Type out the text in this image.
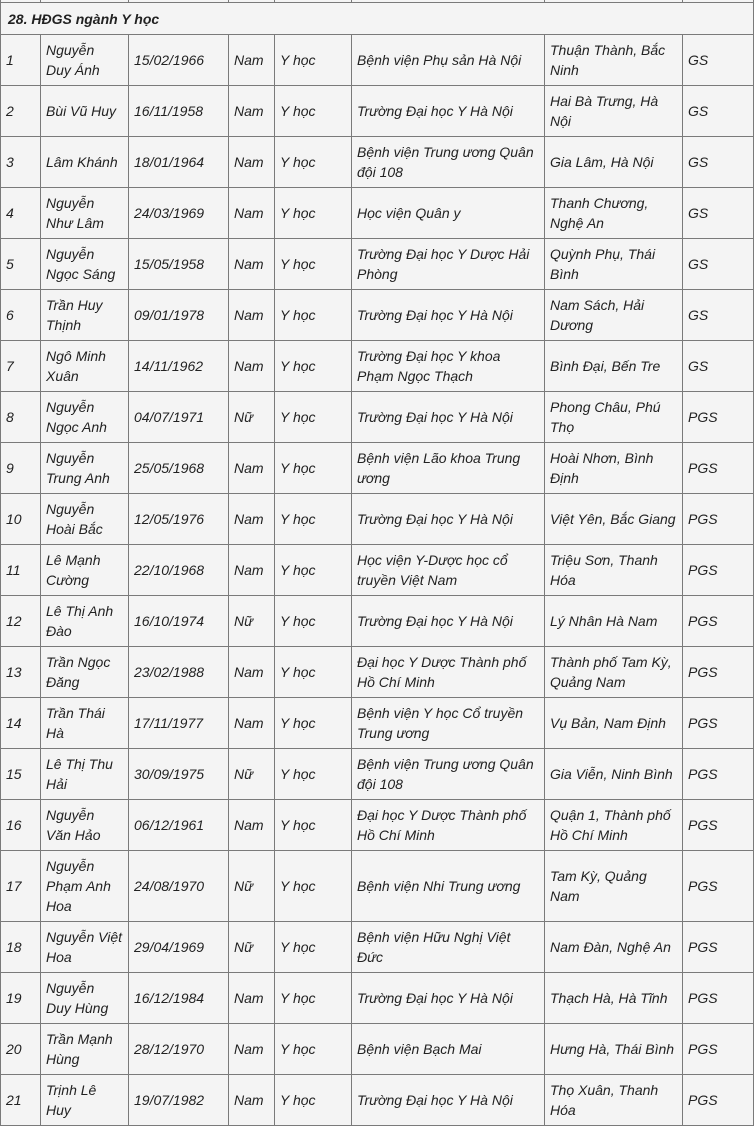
28. HĐGS ngành Y học							
1	Nguyễn Duy Ánh	15/02/1966	Nam	Y học	Bệnh viện Phụ sản Hà Nội	Thuận Thành, Bắc Ninh	GS
2	Bùi Vũ Huy	16/11/1958	Nam	Y học	Trường Đại học Y Hà Nội	Hai Bà Trưng, Hà Nội	GS
3	Lâm Khánh	18/01/1964	Nam	Y học	Bệnh viện Trung ương Quân đội 108	Gia Lâm, Hà Nội	GS
4	Nguyễn Như Lâm	24/03/1969	Nam	Y học	Học viện Quân y	Thanh Chương, Nghệ An	GS
5	Nguyễn Ngọc Sáng	15/05/1958	Nam	Y học	Trường Đại học Y Dược Hải Phòng	Quỳnh Phụ, Thái Bình	GS
6	Trần Huy Thịnh	09/01/1978	Nam	Y học	Trường Đại học Y Hà Nội	Nam Sách, Hải Dương	GS
7	Ngô Minh Xuân	14/11/1962	Nam	Y học	Trường Đại học Y khoa Phạm Ngọc Thạch	Bình Đại, Bến Tre	GS
8	Nguyễn Ngọc Anh	04/07/1971	Nữ	Y học	Trường Đại học Y Hà Nội	Phong Châu, Phú Thọ	PGS
9	Nguyễn Trung Anh	25/05/1968	Nam	Y học	Bệnh viện Lão khoa Trung ương	Hoài Nhơn, Bình Định	PGS
10	Nguyễn Hoài Bắc	12/05/1976	Nam	Y học	Trường Đại học Y Hà Nội	Việt Yên, Bắc Giang	PGS
11	Lê Mạnh Cường	22/10/1968	Nam	Y học	Học viện Y-Dược học cổ truyền Việt Nam	Triệu Sơn, Thanh Hóa	PGS
12	Lê Thị Anh Đào	16/10/1974	Nữ	Y học	Trường Đại học Y Hà Nội	Lý Nhân Hà Nam	PGS
13	Trần Ngọc Đăng	23/02/1988	Nam	Y học	Đại học Y Dược Thành phố Hồ Chí Minh	Thành phố Tam Kỳ, Quảng Nam	PGS
14	Trần Thái Hà	17/11/1977	Nam	Y học	Bệnh viện Y học Cổ truyền Trung ương	Vụ Bản, Nam Định	PGS
15	Lê Thị Thu Hải	30/09/1975	Nữ	Y học	Bệnh viện Trung ương Quân đội 108	Gia Viễn, Ninh Bình	PGS
16	Nguyễn Văn Hảo	06/12/1961	Nam	Y học	Đại học Y Dược Thành phố Hồ Chí Minh	Quận 1, Thành phố Hồ Chí Minh	PGS
17	Nguyễn Phạm Anh Hoa	24/08/1970	Nữ	Y học	Bệnh viện Nhi Trung ương	Tam Kỳ, Quảng Nam	PGS
18	Nguyễn Việt Hoa	29/04/1969	Nữ	Y học	Bệnh viện Hữu Nghị Việt Đức	Nam Đàn, Nghệ An	PGS
19	Nguyễn Duy Hùng	16/12/1984	Nam	Y học	Trường Đại học Y Hà Nội	Thạch Hà, Hà Tĩnh	PGS
20	Trần Mạnh Hùng	28/12/1970	Nam	Y học	Bệnh viện Bạch Mai	Hưng Hà, Thái Bình	PGS
21	Trịnh Lê Huy	19/07/1982	Nam	Y học	Trường Đại học Y Hà Nội	Thọ Xuân, Thanh Hóa	PGS
